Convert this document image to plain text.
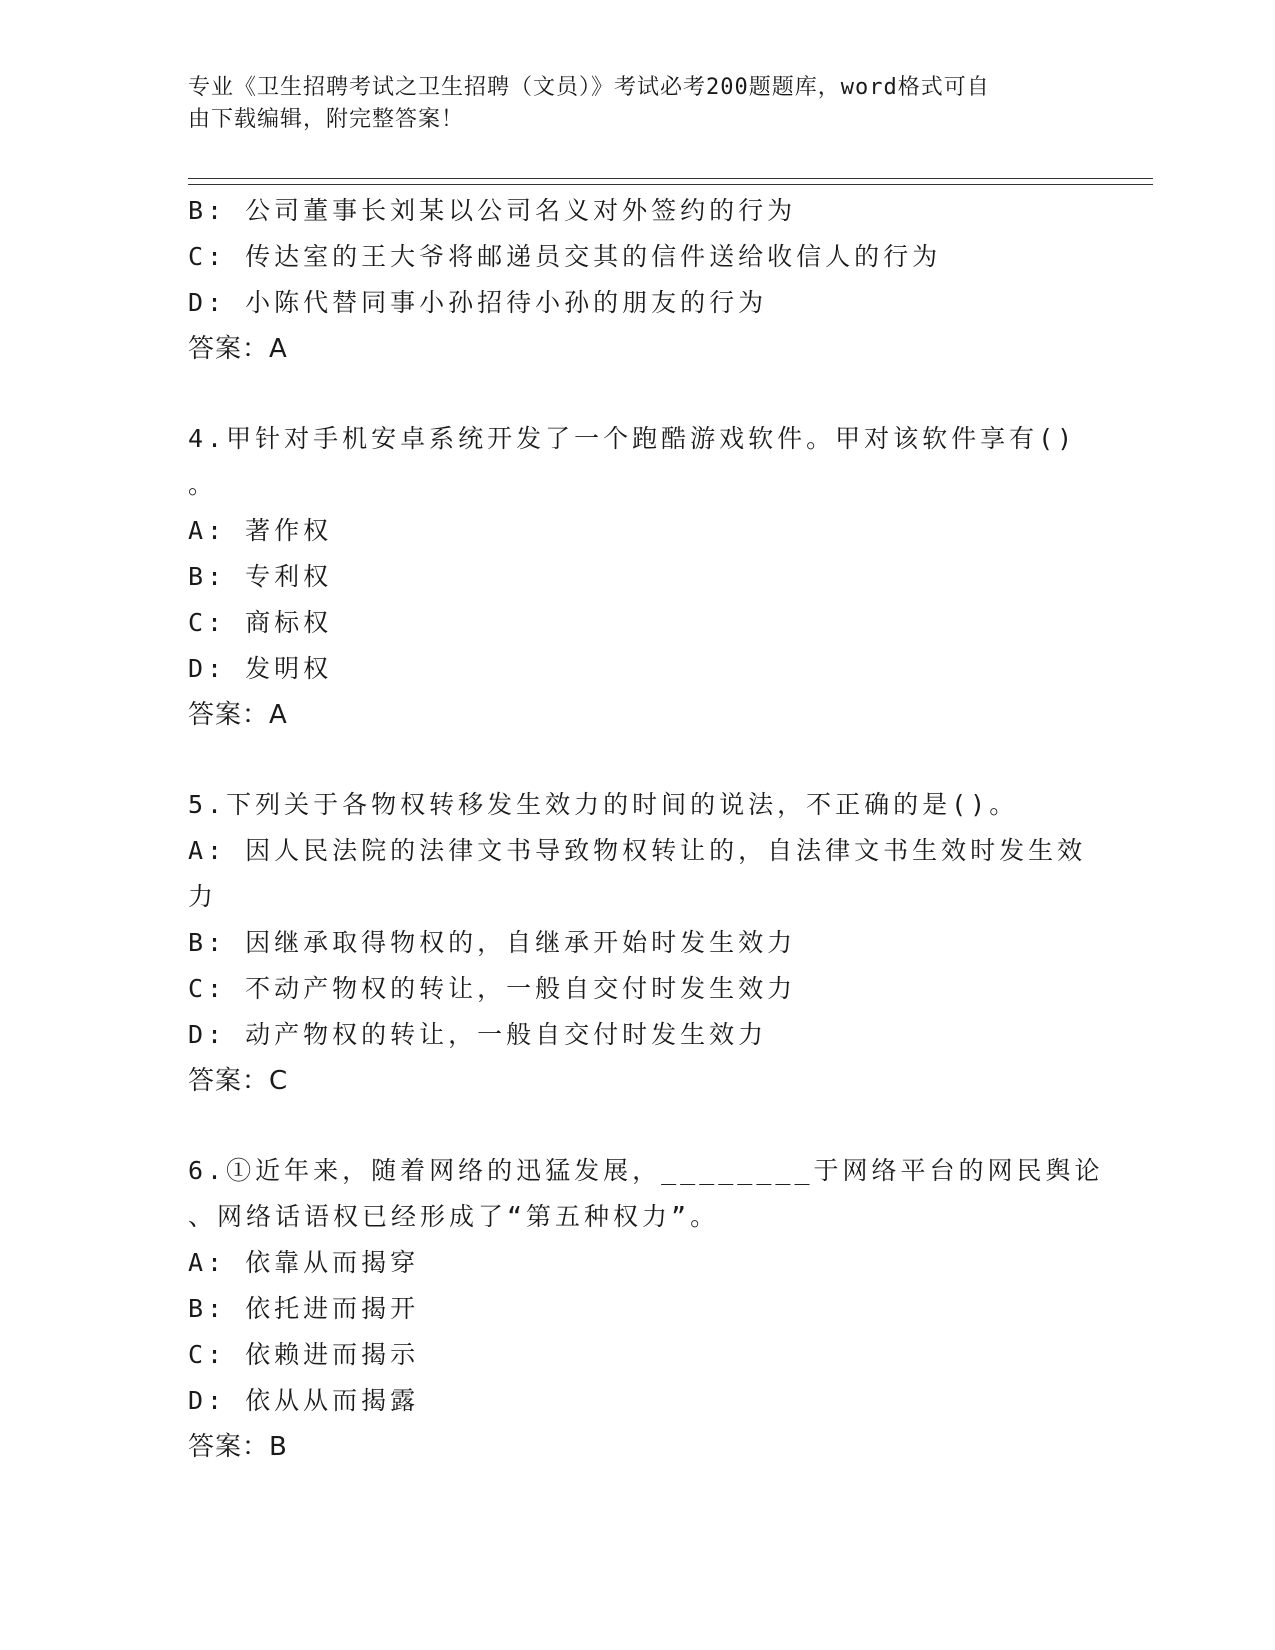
专业《卫生招聘考试之卫生招聘（文员）》考试必考200题题库，word格式可自
由下载编辑，附完整答案！
B: 公司董事长刘某以公司名义对外签约的行为
C: 传达室的王大爷将邮递员交其的信件送给收信人的行为
D: 小陈代替同事小孙招待小孙的朋友的行为
答案：A
4.甲针对手机安卓系统开发了一个跑酷游戏软件。甲对该软件享有()
。
A: 著作权
B: 专利权
C: 商标权
D: 发明权
答案：A
5.下列关于各物权转移发生效力的时间的说法，不正确的是()。
A: 因人民法院的法律文书导致物权转让的，自法律文书生效时发生效
力
B: 因继承取得物权的，自继承开始时发生效力
C: 不动产物权的转让，一般自交付时发生效力
D: 动产物权的转让，一般自交付时发生效力
答案：C
6.①近年来，随着网络的迅猛发展，________于网络平台的网民舆论
、网络话语权已经形成了“第五种权力”。
A: 依靠从而揭穿
B: 依托进而揭开
C: 依赖进而揭示
D: 依从从而揭露
答案：B
